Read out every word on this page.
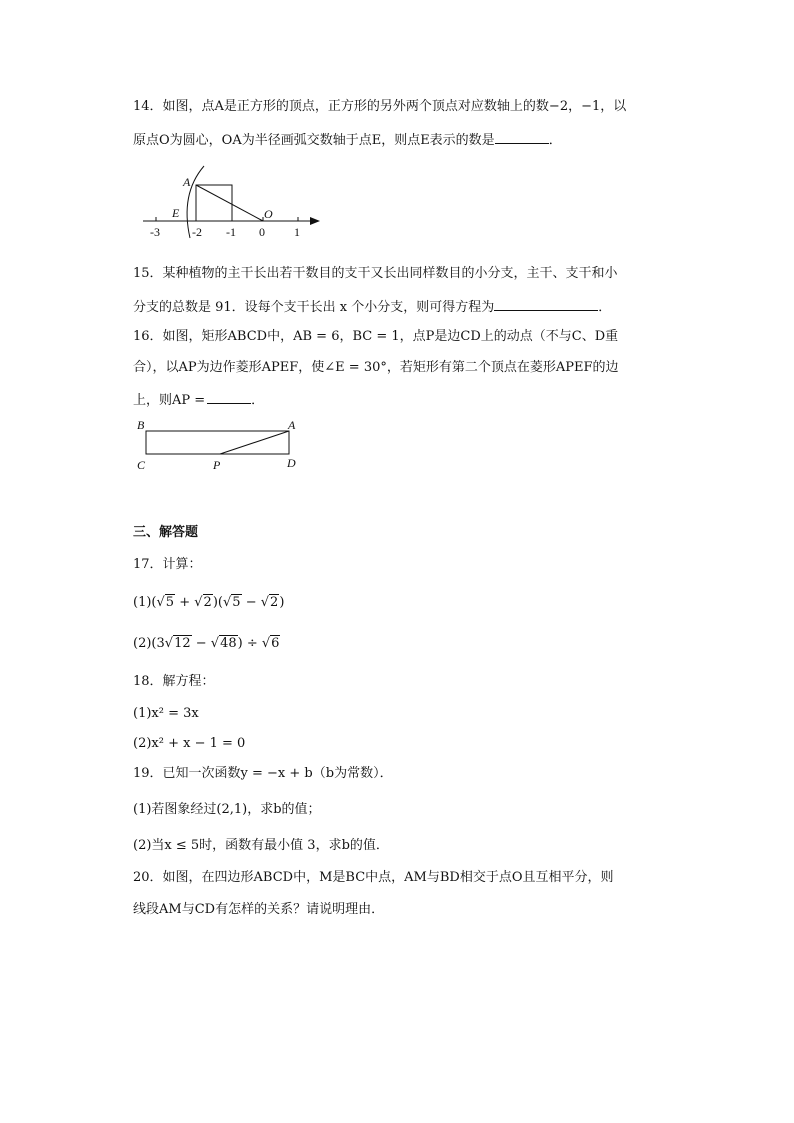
14．如图，点A是正方形的顶点，正方形的另外两个顶点对应数轴上的数−2，−1，以
原点O为圆心，OA为半径画弧交数轴于点E，则点E表示的数是	．
A
E	O
-3	-2 -1 0 1
15．某种植物的主干长出若干数目的支干又长出同样数目的小分支，主干、支干和小
分支的总数是 91．设每个支干长出 x 个小分支，则可得方程为	．
16．如图，矩形ABCD中，AB = 6，BC = 1，点P是边CD上的动点（不与C、D重
合），以AP为边作菱形APEF，使∠E = 30°，若矩形有第二个顶点在菱形APEF的边
上，则AP =	．
B	A
C	P	D
三、解答题
17．计算：
(1)(√5 + √2)(√5 − √2)
(2)(3√12 − √48) ÷ √6
18．解方程：
(1)x² = 3x
(2)x² + x − 1 = 0
19．已知一次函数y = −x + b（b为常数）．
(1)若图象经过(2,1)，求b的值；
(2)当x ≤ 5时，函数有最小值 3，求b的值．
20．如图，在四边形ABCD中，M是BC中点，AM与BD相交于点O且互相平分，则
线段AM与CD有怎样的关系？请说明理由．
